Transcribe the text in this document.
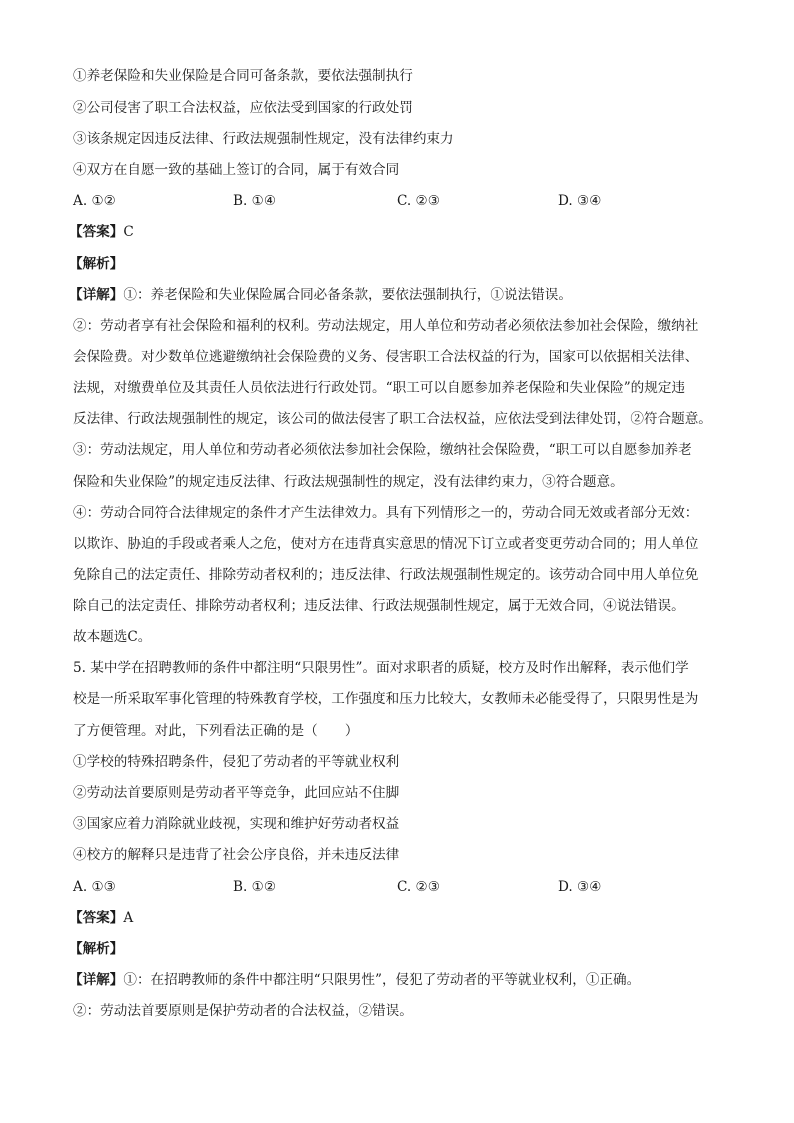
①养老保险和失业保险是合同可备条款，要依法强制执行
②公司侵害了职工合法权益，应依法受到国家的行政处罚
③该条规定因违反法律、行政法规强制性规定，没有法律约束力
④双方在自愿一致的基础上签订的合同，属于有效合同
A. ①②	B. ①④	C. ②③	D. ③④
【答案】C
【解析】
【详解】①：养老保险和失业保险属合同必备条款，要依法强制执行，①说法错误。
②：劳动者享有社会保险和福利的权利。劳动法规定，用人单位和劳动者必须依法参加社会保险，缴纳社
会保险费。对少数单位逃避缴纳社会保险费的义务、侵害职工合法权益的行为，国家可以依据相关法律、
法规，对缴费单位及其责任人员依法进行行政处罚。“职工可以自愿参加养老保险和失业保险”的规定违
反法律、行政法规强制性的规定，该公司的做法侵害了职工合法权益，应依法受到法律处罚，②符合题意。
③：劳动法规定，用人单位和劳动者必须依法参加社会保险，缴纳社会保险费，“职工可以自愿参加养老
保险和失业保险”的规定违反法律、行政法规强制性的规定，没有法律约束力，③符合题意。
④：劳动合同符合法律规定的条件才产生法律效力。具有下列情形之一的，劳动合同无效或者部分无效：
以欺诈、胁迫的手段或者乘人之危，使对方在违背真实意思的情况下订立或者变更劳动合同的；用人单位
免除自己的法定责任、排除劳动者权利的；违反法律、行政法规强制性规定的。该劳动合同中用人单位免
除自己的法定责任、排除劳动者权利；违反法律、行政法规强制性规定，属于无效合同，④说法错误。
故本题选C。
5. 某中学在招聘教师的条件中都注明“只限男性”。面对求职者的质疑，校方及时作出解释，表示他们学
校是一所采取军事化管理的特殊教育学校，工作强度和压力比较大，女教师未必能受得了，只限男性是为
了方便管理。对此，下列看法正确的是（　　）
①学校的特殊招聘条件，侵犯了劳动者的平等就业权利
②劳动法首要原则是劳动者平等竞争，此回应站不住脚
③国家应着力消除就业歧视，实现和维护好劳动者权益
④校方的解释只是违背了社会公序良俗，并未违反法律
A. ①③	B. ①②	C. ②③	D. ③④
【答案】A
【解析】
【详解】①：在招聘教师的条件中都注明“只限男性”，侵犯了劳动者的平等就业权利，①正确。
②：劳动法首要原则是保护劳动者的合法权益，②错误。
